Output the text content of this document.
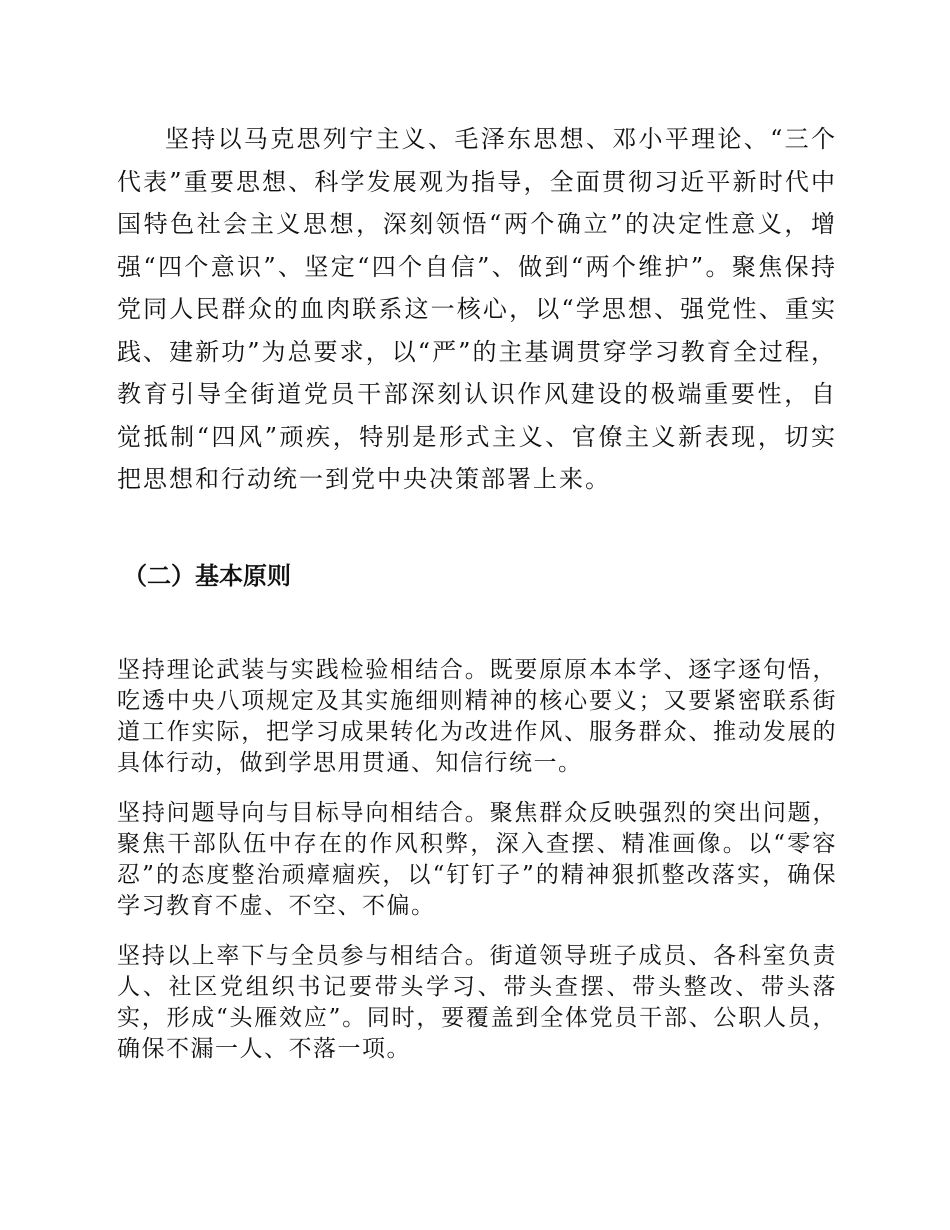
坚持以马克思列宁主义、毛泽东思想、邓小平理论、“三个代表”重要思想、科学发展观为指导，全面贯彻习近平新时代中国特色社会主义思想，深刻领悟“两个确立”的决定性意义，增强“四个意识”、坚定“四个自信”、做到“两个维护”。聚焦保持党同人民群众的血肉联系这一核心，以“学思想、强党性、重实践、建新功”为总要求，以“严”的主基调贯穿学习教育全过程，教育引导全街道党员干部深刻认识作风建设的极端重要性，自觉抵制“四风”顽疾，特别是形式主义、官僚主义新表现，切实把思想和行动统一到党中央决策部署上来。

（二）基本原则

坚持理论武装与实践检验相结合。既要原原本本学、逐字逐句悟，吃透中央八项规定及其实施细则精神的核心要义；又要紧密联系街道工作实际，把学习成果转化为改进作风、服务群众、推动发展的具体行动，做到学思用贯通、知信行统一。

坚持问题导向与目标导向相结合。聚焦群众反映强烈的突出问题，聚焦干部队伍中存在的作风积弊，深入查摆、精准画像。以“零容忍”的态度整治顽瘴痼疾，以“钉钉子”的精神狠抓整改落实，确保学习教育不虚、不空、不偏。

坚持以上率下与全员参与相结合。街道领导班子成员、各科室负责人、社区党组织书记要带头学习、带头查摆、带头整改、带头落实，形成“头雁效应”。同时，要覆盖到全体党员干部、公职人员，确保不漏一人、不落一项。
